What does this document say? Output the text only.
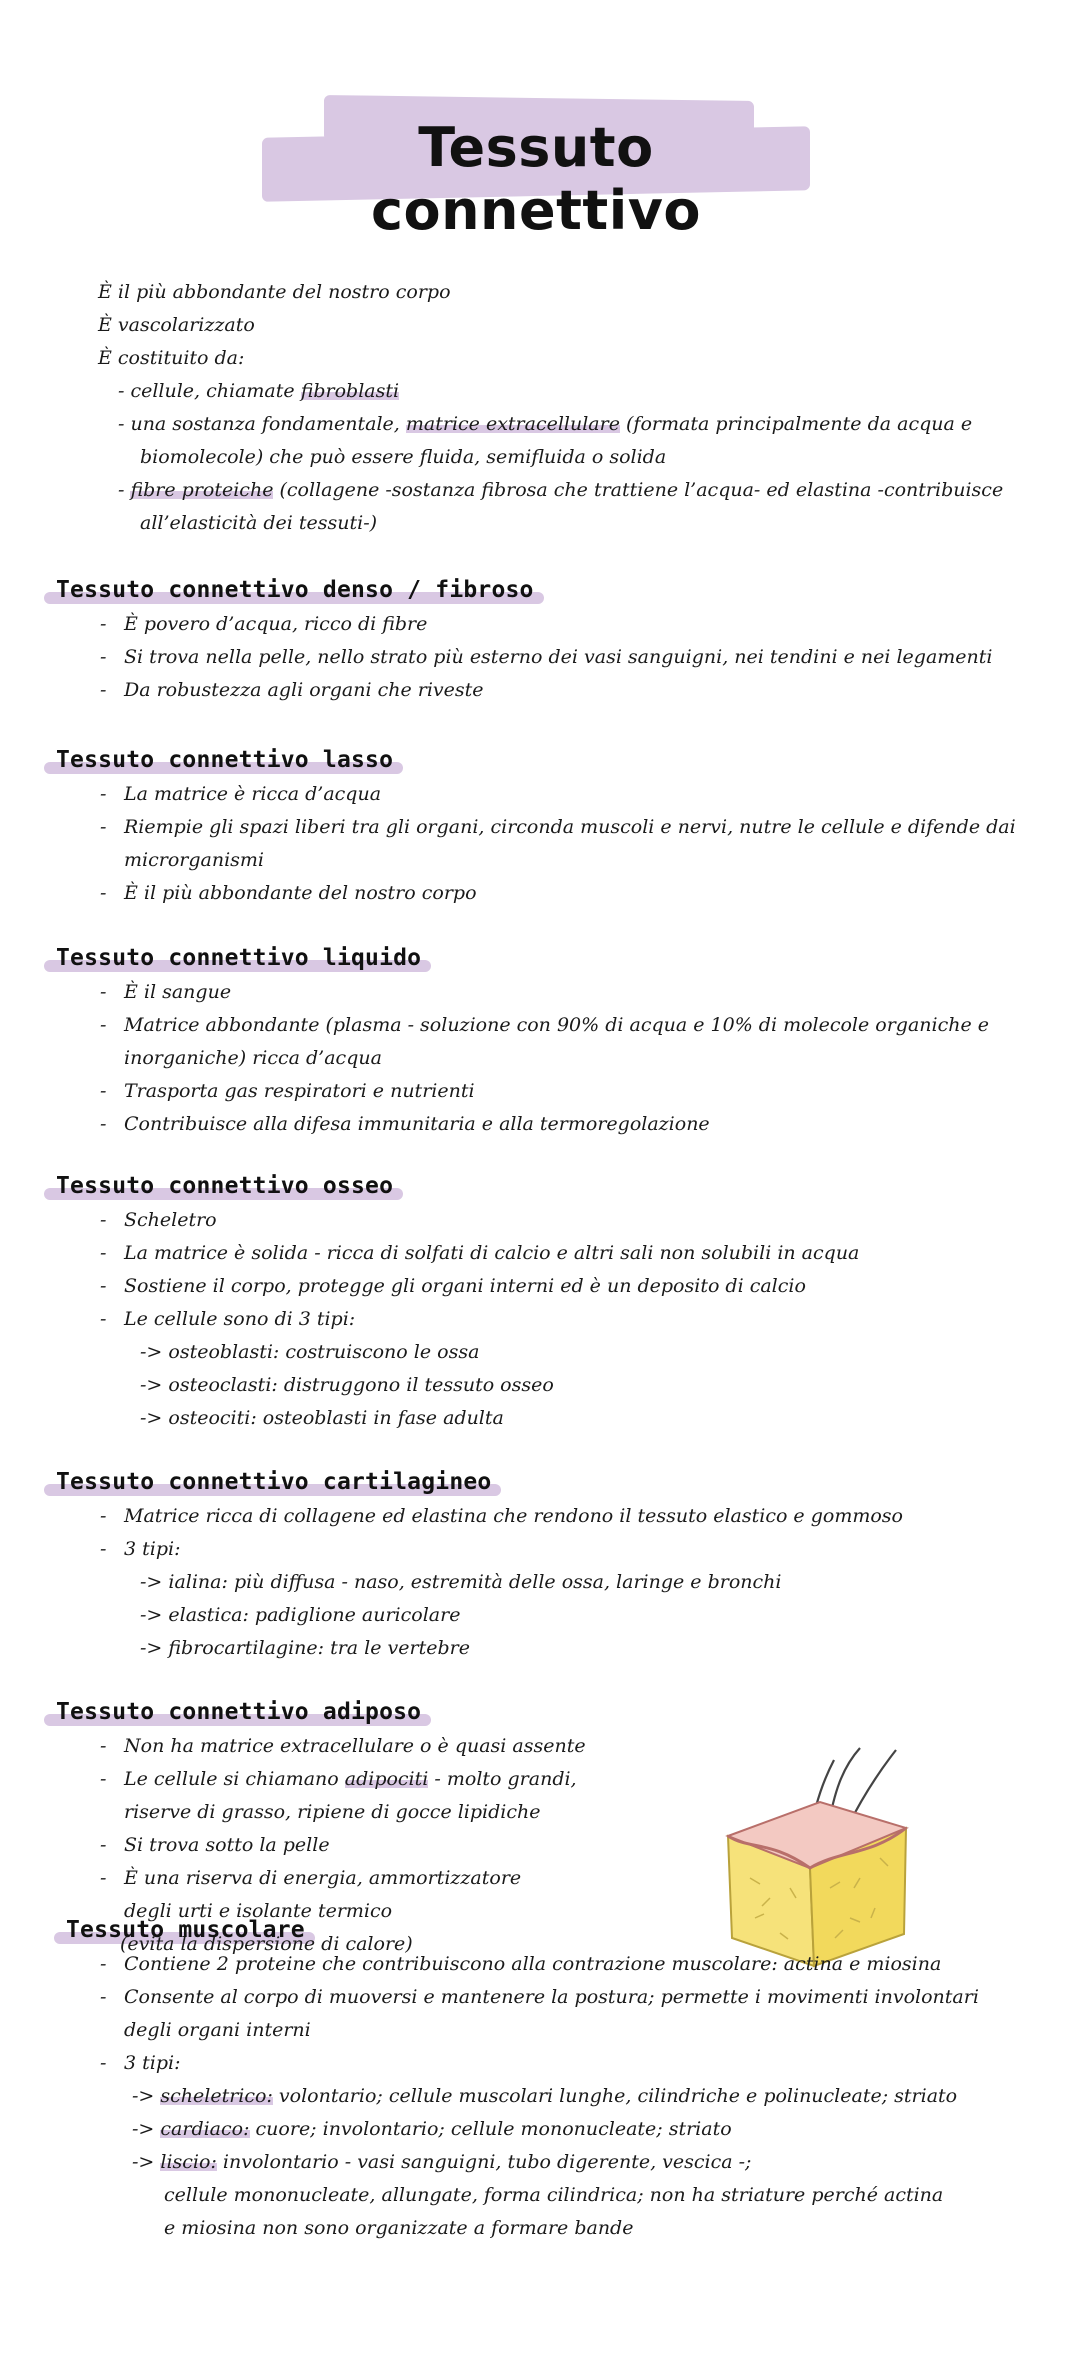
Tessuto connettivo
È il più abbondante del nostro corpo
È vascolarizzato
È costituito da:
- cellule, chiamate fibroblasti
- una sostanza fondamentale, matrice extracellulare (formata principalmente da acqua e
biomolecole) che può essere fluida, semifluida o solida
- fibre proteiche (collagene -sostanza fibrosa che trattiene l’acqua- ed elastina -contribuisce
all’elasticità dei tessuti-)
Tessuto connettivo denso / fibroso
- È povero d’acqua, ricco di fibre
- Si trova nella pelle, nello strato più esterno dei vasi sanguigni, nei tendini e nei legamenti
- Da robustezza agli organi che riveste
Tessuto connettivo lasso
- La matrice è ricca d’acqua
- Riempie gli spazi liberi tra gli organi, circonda muscoli e nervi, nutre le cellule e difende dai
microrganismi
- È il più abbondante del nostro corpo
Tessuto connettivo liquido
- È il sangue
- Matrice abbondante (plasma - soluzione con 90% di acqua e 10% di molecole organiche e
inorganiche) ricca d’acqua
- Trasporta gas respiratori e nutrienti
- Contribuisce alla difesa immunitaria e alla termoregolazione
Tessuto connettivo osseo
- Scheletro
- La matrice è solida - ricca di solfati di calcio e altri sali non solubili in acqua
- Sostiene il corpo, protegge gli organi interni ed è un deposito di calcio
- Le cellule sono di 3 tipi:
-> osteoblasti: costruiscono le ossa
-> osteoclasti: distruggono il tessuto osseo
-> osteociti: osteoblasti in fase adulta
Tessuto connettivo cartilagineo
- Matrice ricca di collagene ed elastina che rendono il tessuto elastico e gommoso
- 3 tipi:
-> ialina: più diffusa - naso, estremità delle ossa, laringe e bronchi
-> elastica: padiglione auricolare
-> fibrocartilagine: tra le vertebre
Tessuto connettivo adiposo
- Non ha matrice extracellulare o è quasi assente
- Le cellule si chiamano adipociti - molto grandi,
riserve di grasso, ripiene di gocce lipidiche
- Si trova sotto la pelle
- È una riserva di energia, ammortizzatore
degli urti e isolante termico
(evita la dispersione di calore)
Tessuto muscolare
- Contiene 2 proteine che contribuiscono alla contrazione muscolare: actina e miosina
- Consente al corpo di muoversi e mantenere la postura; permette i movimenti involontari
degli organi interni
- 3 tipi:
-> scheletrico: volontario; cellule muscolari lunghe, cilindriche e polinucleate; striato
-> cardiaco: cuore; involontario; cellule mononucleate; striato
-> liscio: involontario - vasi sanguigni, tubo digerente, vescica -;
cellule mononucleate, allungate, forma cilindrica; non ha striature perché actina
e miosina non sono organizzate a formare bande
